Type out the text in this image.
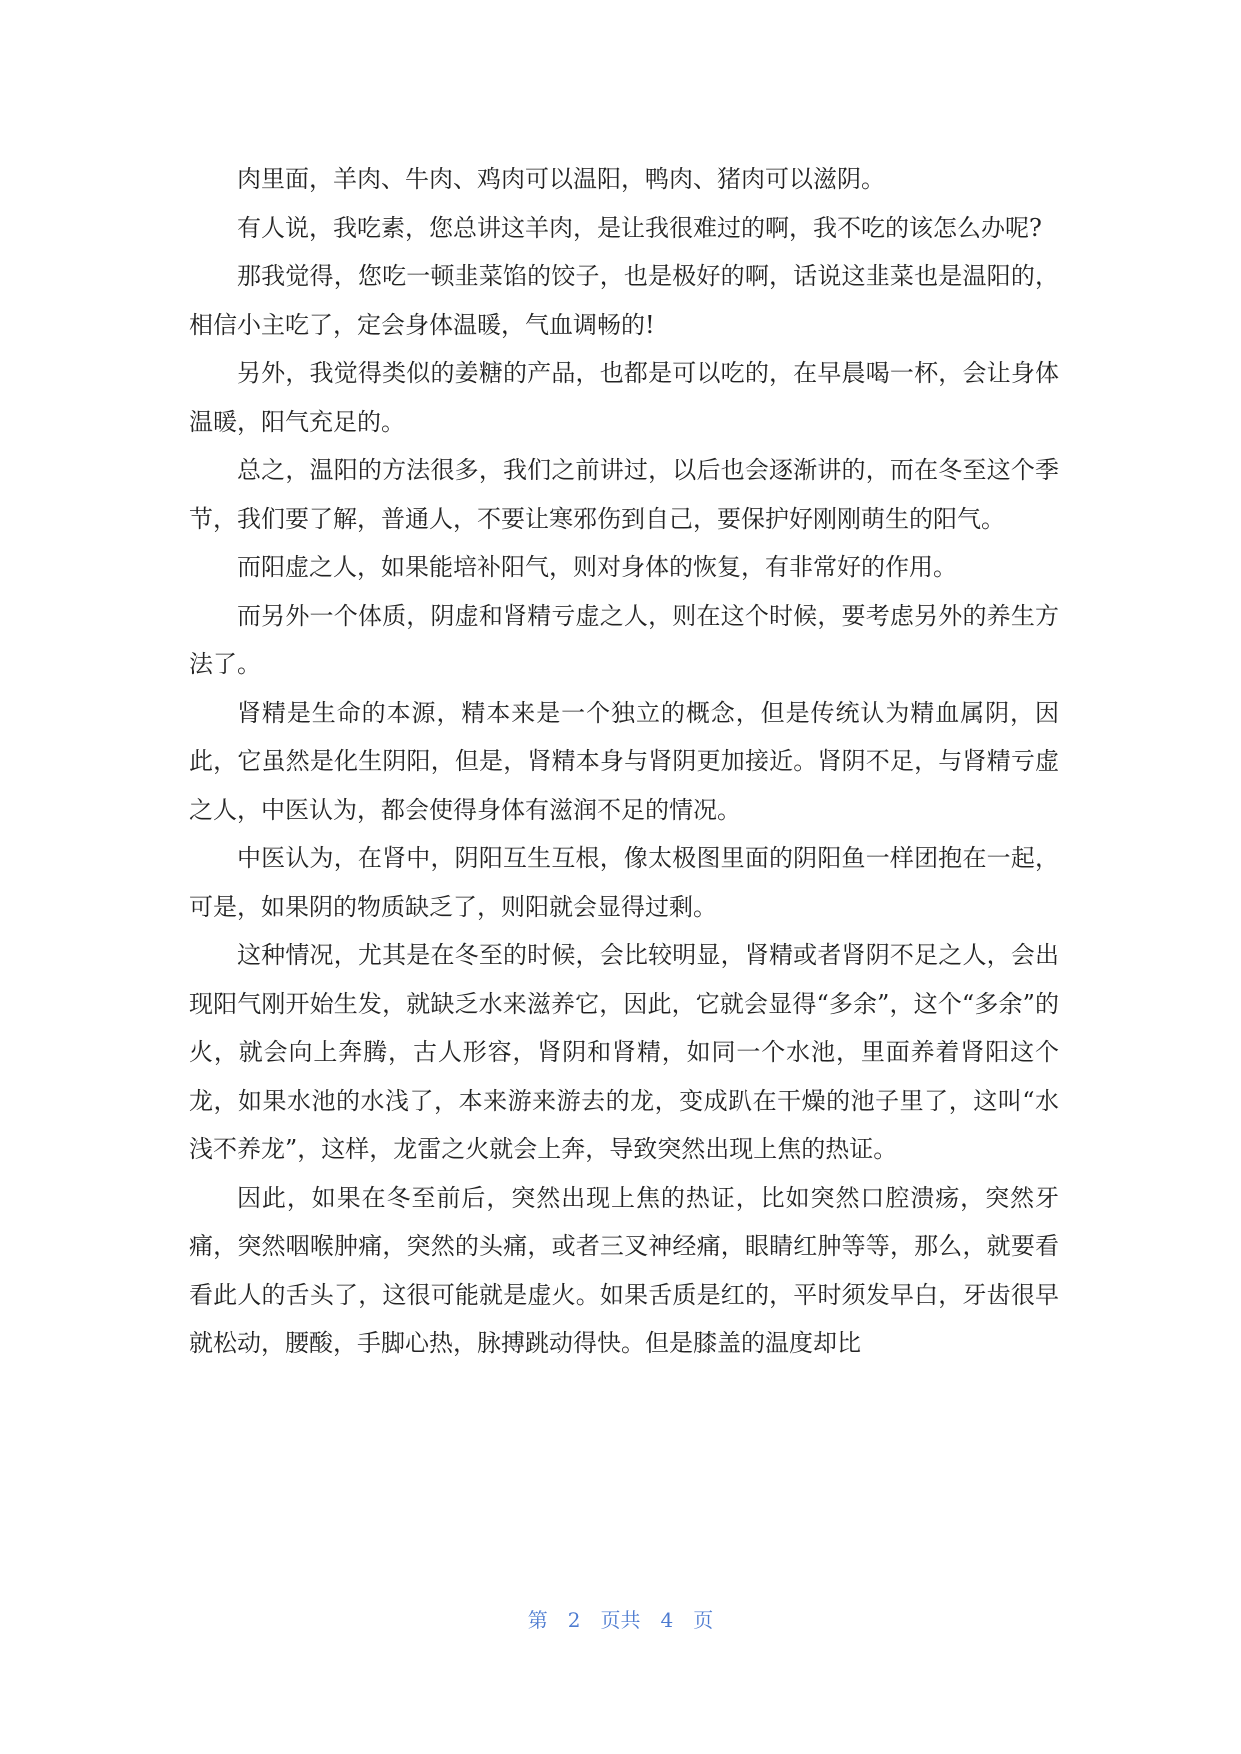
肉里面，羊肉、牛肉、鸡肉可以温阳，鸭肉、猪肉可以滋阴。

有人说，我吃素，您总讲这羊肉，是让我很难过的啊，我不吃的该怎么办呢?

那我觉得，您吃一顿韭菜馅的饺子，也是极好的啊，话说这韭菜也是温阳的，相信小主吃了，定会身体温暖，气血调畅的!

另外，我觉得类似的姜糖的产品，也都是可以吃的，在早晨喝一杯，会让身体温暖，阳气充足的。

总之，温阳的方法很多，我们之前讲过，以后也会逐渐讲的，而在冬至这个季节，我们要了解，普通人，不要让寒邪伤到自己，要保护好刚刚萌生的阳气。

而阳虚之人，如果能培补阳气，则对身体的恢复，有非常好的作用。

而另外一个体质，阴虚和肾精亏虚之人，则在这个时候，要考虑另外的养生方法了。

肾精是生命的本源，精本来是一个独立的概念，但是传统认为精血属阴，因此，它虽然是化生阴阳，但是，肾精本身与肾阴更加接近。肾阴不足，与肾精亏虚之人，中医认为，都会使得身体有滋润不足的情况。

中医认为，在肾中，阴阳互生互根，像太极图里面的阴阳鱼一样团抱在一起，可是，如果阴的物质缺乏了，则阳就会显得过剩。

这种情况，尤其是在冬至的时候，会比较明显，肾精或者肾阴不足之人，会出现阳气刚开始生发，就缺乏水来滋养它，因此，它就会显得“多余”，这个“多余”的火，就会向上奔腾，古人形容，肾阴和肾精，如同一个水池，里面养着肾阳这个龙，如果水池的水浅了，本来游来游去的龙，变成趴在干燥的池子里了，这叫“水浅不养龙”，这样，龙雷之火就会上奔，导致突然出现上焦的热证。

因此，如果在冬至前后，突然出现上焦的热证，比如突然口腔溃疡，突然牙痛，突然咽喉肿痛，突然的头痛，或者三叉神经痛，眼睛红肿等等，那么，就要看看此人的舌头了，这很可能就是虚火。如果舌质是红的，平时须发早白，牙齿很早就松动，腰酸，手脚心热，脉搏跳动得快。但是膝盖的温度却比

第 2 页共 4 页
